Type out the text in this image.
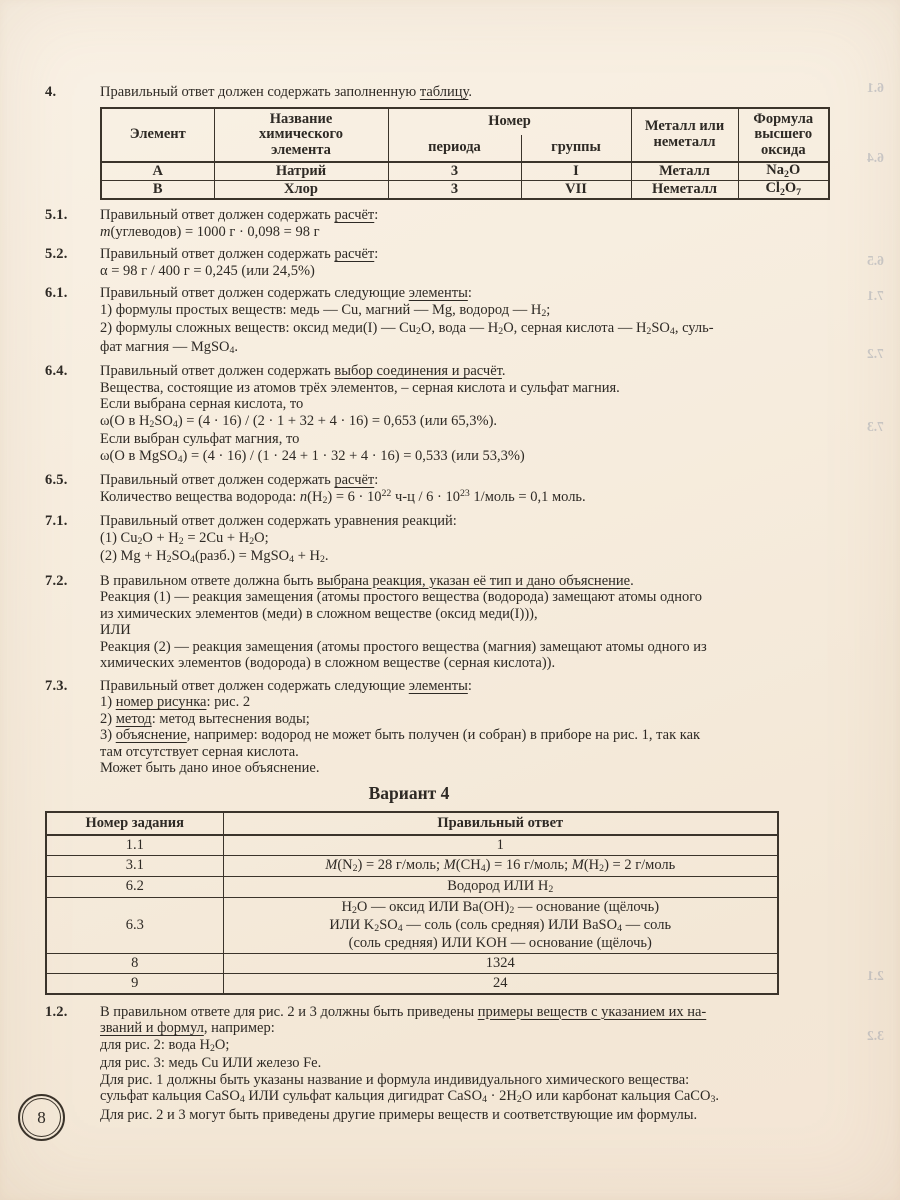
4.	Правильный ответ должен содержать заполненную таблицу.
Элемент	Название химического элемента	Номер		Металл или неметалл	Формула высшего оксида
		периода	группы		
А	Натрий	3	I	Металл	$Na_2O$
В	Хлор	3	VII	Неметалл	$Cl_2O_7$
5.1.	Правильный ответ должен содержать расчёт:
m(углеводов) = 1000 г · 0,098 = 98 г
5.2.	Правильный ответ должен содержать расчёт:
α = 98 г / 400 г = 0,245 (или 24,5%)
6.1.	Правильный ответ должен содержать следующие элементы:
1) формулы простых веществ: медь — Cu, магний — Mg, водород — $H_2$;
2) формулы сложных веществ: оксид меди(I) — $Cu_2O$, вода — $H_2O$, серная кислота — $H_2SO_4$, суль-
фат магния — MgSO$_4$.
6.4.	Правильный ответ должен содержать выбор соединения и расчёт.
Вещества, состоящие из атомов трёх элементов, – серная кислота и сульфат магния.
Если выбрана серная кислота, то
ω(O в $H_2SO_4) = (4 \cdot 16) / (2 \cdot 1 + 32 + 4 \cdot 16) = 0,653$ (или 65,3%).
Если выбран сульфат магния, то
ω(O в MgSO$_4$) = (4 · 16) / (1 · 24 + 1 · 32 + 4 · 16) = 0,533 (или 53,3%)
6.5.	Правильный ответ должен содержать расчёт:
Количество вещества водорода: $n(H_2) = 6 \cdot 10^{22}$ $ч-ц / 6 \cdot 10^{23}$ 1/моль = 0,1 моль.
7.1.	Правильный ответ должен содержать уравнения реакций:
(1) $Cu_2O + H_2 = 2Cu + H_2O$;
(2) $Mg + H_2SO_4(разб.)$ = MgSO$_4$ + $H_2$.
7.2.	В правильном ответе должна быть выбрана реакция, указан её тип и дано объяснение.
Реакция (1) — реакция замещения (атомы простого вещества (водорода) замещают атомы одного
из химических элементов (меди) в сложном веществе (оксид меди(I))),
ИЛИ
Реакция (2) — реакция замещения (атомы простого вещества (магния) замещают атомы одного из
химических элементов (водорода) в сложном веществе (серная кислота)).
7.3.	Правильный ответ должен содержать следующие элементы:
1) номер рисунка: рис. 2
2) метод: метод вытеснения воды;
3) объяснение, например: водород не может быть получен (и собран) в приборе на рис. 1, так как
там отсутствует серная кислота.
Может быть дано иное объяснение.
Вариант 4
Номер задания	Правильный ответ
1.1	1

3.1	$M(N_2) = 28$ г/моль; $M(CH_4) = 16$ г/моль; $M(H_2) = 2$ г/моль

6.2	Водород ИЛИ $H_2$

6.3	$H_2O$ — оксид ИЛИ $Ba(OH)_2$ — основание (щёлочь)
ИЛИ $K_2SO_4$ — соль (соль средняя) ИЛИ BaSO$_4$ — соль
(соль средняя) ИЛИ KOH — основание (щёлочь)

8	1324

9	24
1.2.	В правильном ответе для рис. 2 и 3 должны быть приведены примеры веществ с указанием их на-
званий и формул, например:
для рис. 2: вода $H_2O$;
для рис. 3: медь Cu ИЛИ железо Fe.
Для рис. 1 должны быть указаны название и формула индивидуального химического вещества:
сульфат кальция CaSO$_4$ ИЛИ сульфат кальция дигидрат CaSO$_4$ · $2H_2O$ или карбонат кальция CaCO$_3$.
Для рис. 2 и 3 могут быть приведены другие примеры веществ и соответствующие им формулы.
8
6.1
6.4
6.5
7.1
7.2
7.3
2.1
3.2
